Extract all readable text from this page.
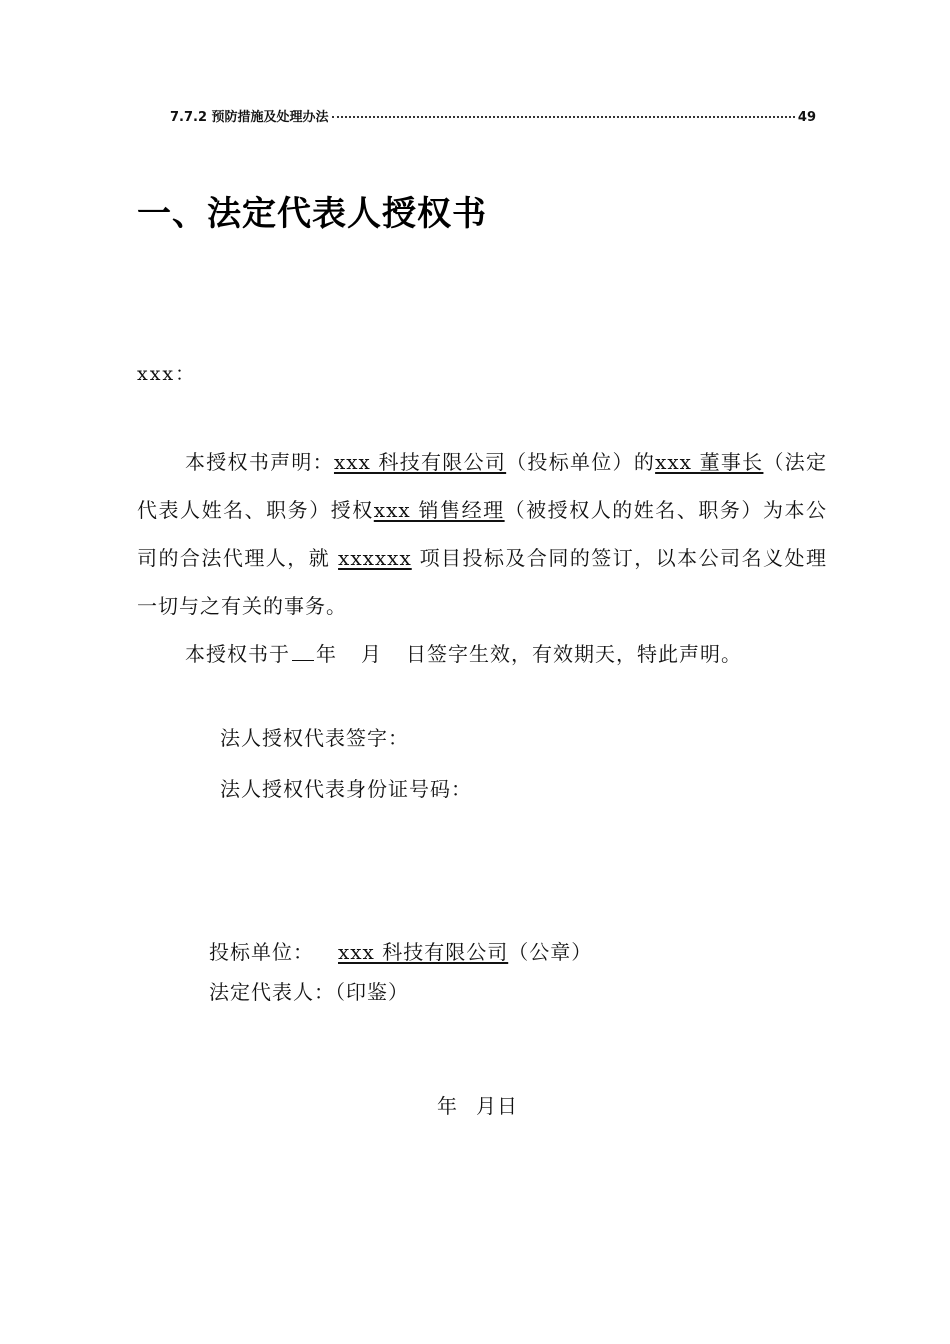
7.7.2 预防措施及处理办法	49
一、法定代表人授权书

xxx：

本授权书声明：xxx 科技有限公司（投标单位）的xxx 董事长（法定代表人姓名、职务）授权xxx 销售经理（被授权人的姓名、职务）为本公司的合法代理人，就 xxxxxx 项目投标及合同的签订，以本公司名义处理一切与之有关的事务。

本授权书于 年 月 日签字生效，有效期天，特此声明。

法人授权代表签字：

法人授权代表身份证号码：

投标单位： xxx 科技有限公司（公章）

法定代表人：（印鉴）

年 月日
